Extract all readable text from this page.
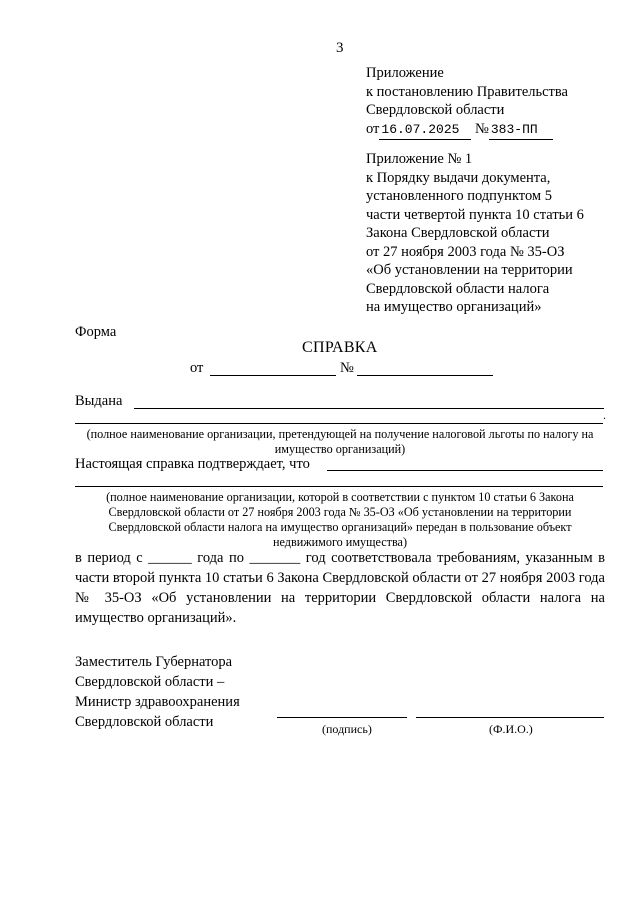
3
Приложение
к постановлению Правительства
Свердловской области
от 16.07.2025 № 383-ПП
Приложение № 1
к Порядку выдачи документа,
установленного подпунктом 5
части четвертой пункта 10 статьи 6
Закона Свердловской области
от 27 ноября 2003 года № 35-ОЗ
«Об установлении на территории
Свердловской области налога
на имущество организаций»
Форма
СПРАВКА
от	№
Выдана
.
(полное наименование организации, претендующей на получение налоговой льготы по налогу на имущество организаций)
Настоящая справка подтверждает, что
(полное наименование организации, которой в соответствии с пунктом 10 статьи 6 Закона Свердловской области от 27 ноября 2003 года № 35-ОЗ «Об установлении на территории Свердловской области налога на имущество организаций» передан в пользование объект недвижимого имущества)
в период с ______ года по _______ год соответствовала требованиям, указанным в части второй пункта 10 статьи 6 Закона Свердловской области от 27 ноября 2003 года № 35-ОЗ «Об установлении на территории Свердловской области налога на имущество организаций».
Заместитель Губернатора
Свердловской области –
Министр здравоохранения
Свердловской области	(подпись)	(Ф.И.О.)
